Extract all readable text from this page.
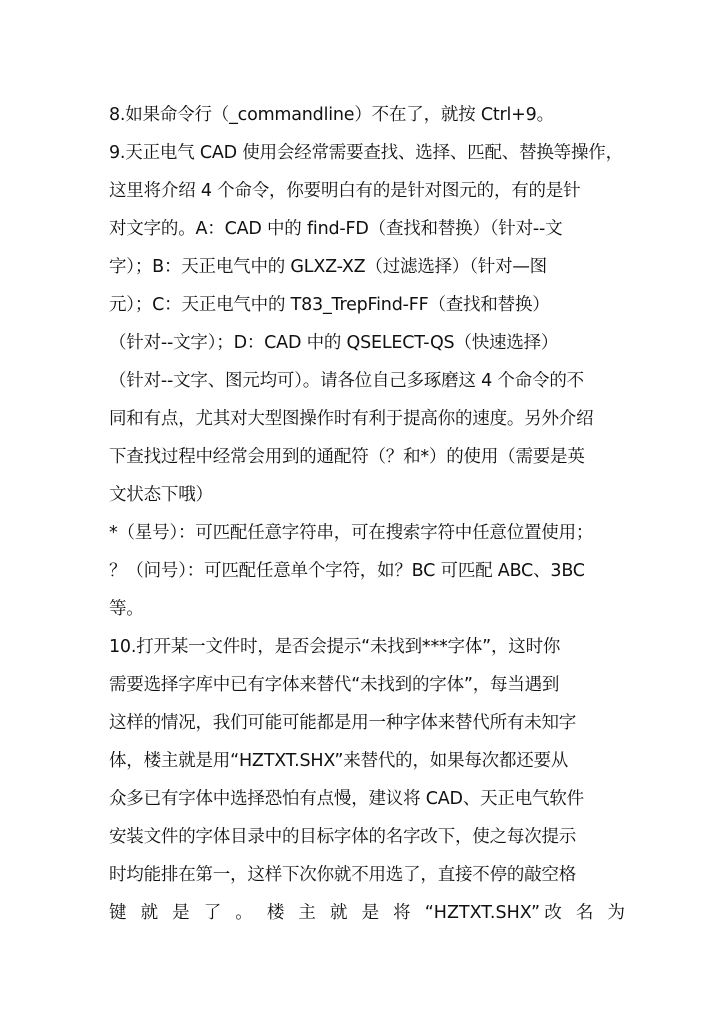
8.如果命令行（_commandline）不在了，就按 Ctrl+9。
9.天正电气 CAD 使用会经常需要查找、选择、匹配、替换等操作，
这里将介绍 4 个命令，你要明白有的是针对图元的，有的是针
对文字的。A：CAD 中的 find-FD（查找和替换）（针对--文
字）；B：天正电气中的 GLXZ-XZ（过滤选择）（针对—图
元）；C：天正电气中的 T83_TrepFind-FF（查找和替换）
（针对--文字）；D：CAD 中的 QSELECT-QS（快速选择）
（针对--文字、图元均可）。请各位自己多琢磨这 4 个命令的不
同和有点，尤其对大型图操作时有利于提高你的速度。另外介绍
下查找过程中经常会用到的通配符（？和*）的使用（需要是英
文状态下哦）
*（星号）：可匹配任意字符串，可在搜索字符中任意位置使用；
？（问号）：可匹配任意单个字符，如？BC 可匹配 ABC、3BC
等。
10.打开某一文件时，是否会提示“未找到***字体”，这时你
需要选择字库中已有字体来替代“未找到的字体”，每当遇到
这样的情况，我们可能可能都是用一种字体来替代所有未知字
体，楼主就是用“HZTXT.SHX”来替代的，如果每次都还要从
众多已有字体中选择恐怕有点慢，建议将 CAD、天正电气软件
安装文件的字体目录中的目标字体的名字改下，使之每次提示
时均能排在第一，这样下次你就不用选了，直接不停的敲空格
键 就 是 了 。 楼 主 就 是 将 “HZTXT.SHX”改 名 为
